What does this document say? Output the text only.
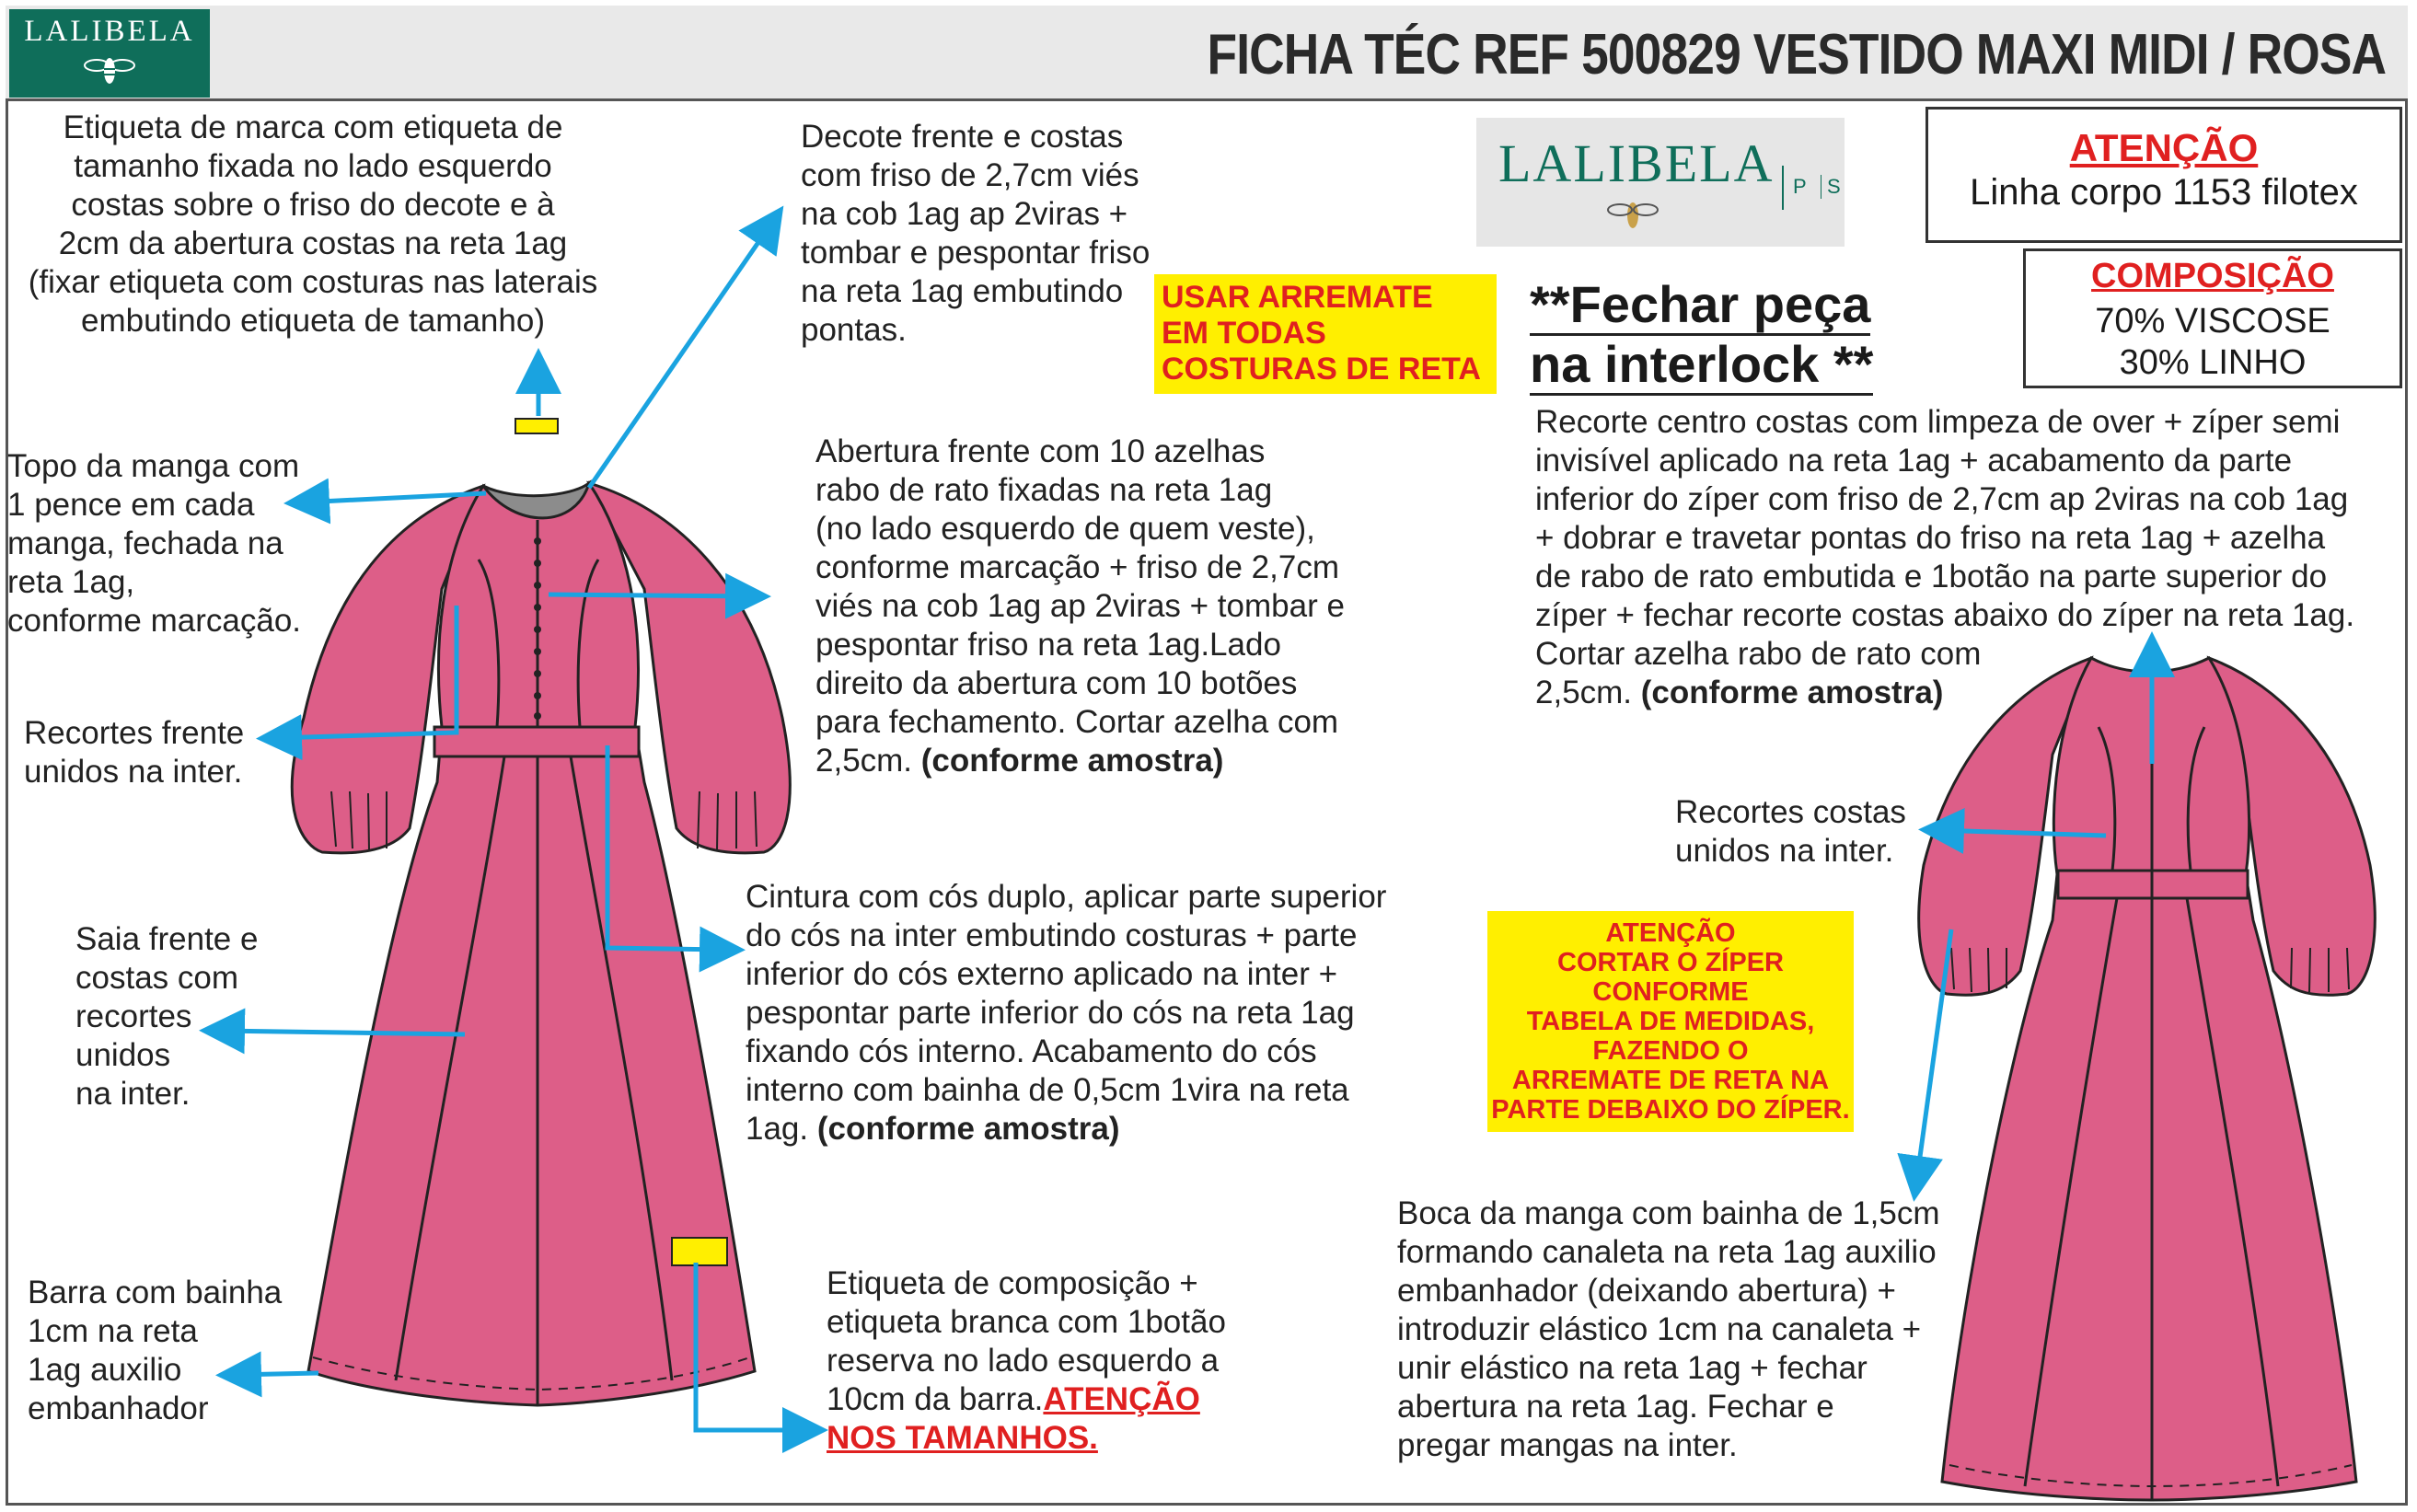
LALIBELA	FICHA TÉC REF 500829 VESTIDO MAXI MIDI / ROSA
LALIBELA P	S
ATENÇÃO
Linha corpo 1153 filotex
COMPOSIÇÃO
70% VISCOSE
30% LINHO
**Fechar peça
na interlock **
USAR ARREMATE
EM TODAS
COSTURAS DE RETA
ATENÇÃO
CORTAR O ZÍPER
CONFORME
TABELA DE MEDIDAS,
FAZENDO O
ARREMATE DE RETA NA
PARTE DEBAIXO DO ZÍPER.
Etiqueta de marca com etiqueta de
tamanho fixada no lado esquerdo
costas sobre o friso do decote e à
2cm da abertura costas na reta 1ag
(fixar etiqueta com costuras nas laterais
embutindo etiqueta de tamanho)
Decote frente e costas
com friso de 2,7cm viés
na cob 1ag ap 2viras +
tombar e pespontar friso
na reta 1ag embutindo
pontas.
Topo da manga com
1 pence em cada
manga, fechada na
reta 1ag,
conforme marcação.
Abertura frente com 10 azelhas
rabo de rato fixadas na reta 1ag
(no lado esquerdo de quem veste),
conforme marcação + friso de 2,7cm
viés na cob 1ag ap 2viras + tombar e
pespontar friso na reta 1ag.Lado
direito da abertura com 10 botões
para fechamento. Cortar azelha com
2,5cm. (conforme amostra)
Recortes frente
unidos na inter.
Saia frente e
costas com
recortes
unidos
na inter.
Cintura com cós duplo, aplicar parte superior
do cós na inter embutindo costuras + parte
inferior do cós externo aplicado na inter +
pespontar parte inferior do cós na reta 1ag
fixando cós interno. Acabamento do cós
interno com bainha de 0,5cm 1vira na reta
1ag. (conforme amostra)
Barra com bainha
1cm na reta
1ag auxilio
embanhador
Etiqueta de composição +
etiqueta branca com 1botão
reserva no lado esquerdo a
10cm da barra.ATENÇÃO
NOS TAMANHOS.
Recorte centro costas com limpeza de over + zíper semi
invisível aplicado na reta 1ag + acabamento da parte
inferior do zíper com friso de 2,7cm ap 2viras na cob 1ag
+ dobrar e travetar pontas do friso na reta 1ag + azelha
de rabo de rato embutida e 1botão na parte superior do
zíper + fechar recorte costas abaixo do zíper na reta 1ag.
Cortar azelha rabo de rato com
2,5cm. (conforme amostra)
Recortes costas
unidos na inter.
Boca da manga com bainha de 1,5cm
formando canaleta na reta 1ag auxilio
embanhador (deixando abertura) +
introduzir elástico 1cm na canaleta +
unir elástico na reta 1ag + fechar
abertura na reta 1ag. Fechar e
pregar mangas na inter.
